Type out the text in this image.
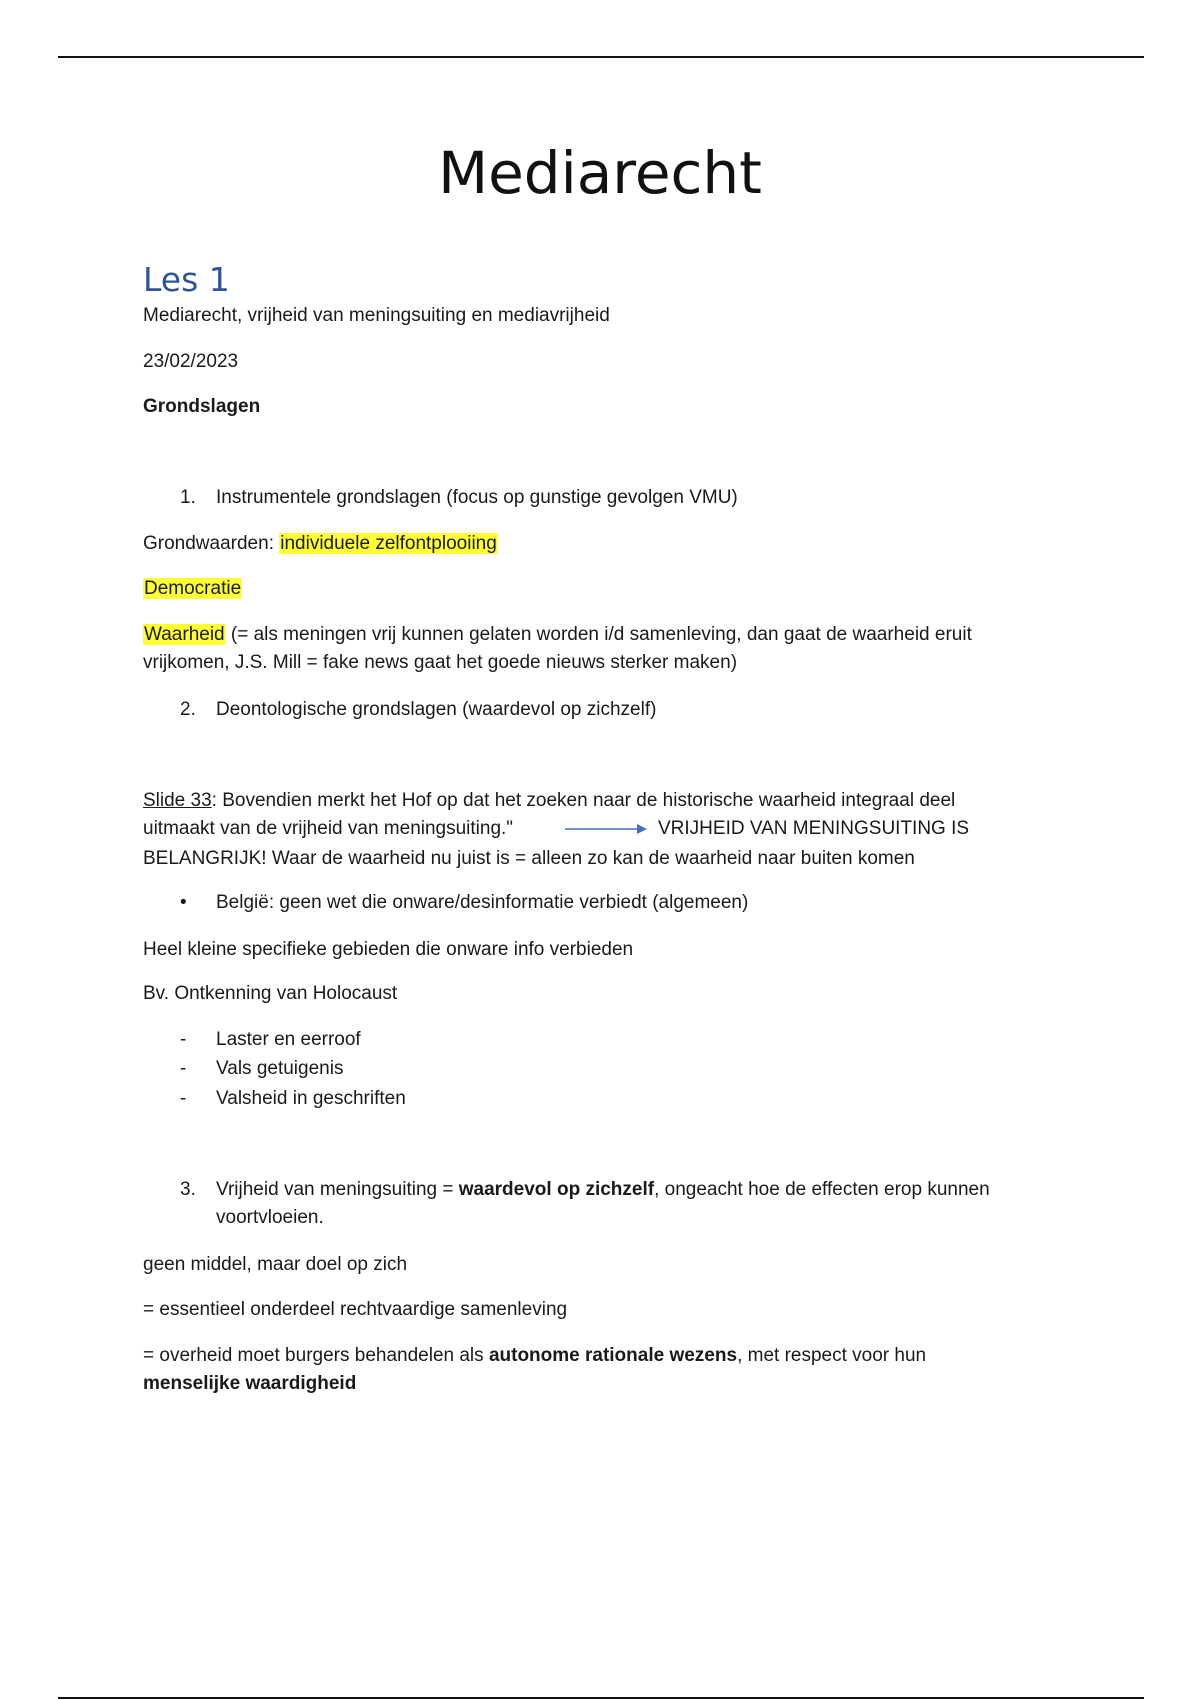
Mediarecht
Les 1

Mediarecht, vrijheid van meningsuiting en mediavrijheid

23/02/2023

Grondslagen

1. Instrumentele grondslagen (focus op gunstige gevolgen VMU)

Grondwaarden: individuele zelfontplooiing

Democratie

Waarheid (= als meningen vrij kunnen gelaten worden i/d samenleving, dan gaat de waarheid eruit

vrijkomen, J.S. Mill = fake news gaat het goede nieuws sterker maken)

2. Deontologische grondslagen (waardevol op zichzelf)

Slide 33: Bovendien merkt het Hof op dat het zoeken naar de historische waarheid integraal deel

uitmaakt van de vrijheid van meningsuiting."	VRIJHEID VAN MENINGSUITING IS

BELANGRIJK! Waar de waarheid nu juist is = alleen zo kan de waarheid naar buiten komen

• België: geen wet die onware/desinformatie verbiedt (algemeen)

Heel kleine specifieke gebieden die onware info verbieden

Bv. Ontkenning van Holocaust

- Laster en eerroof

- Vals getuigenis

- Valsheid in geschriften

3. Vrijheid van meningsuiting = waardevol op zichzelf, ongeacht hoe de effecten erop kunnen

voortvloeien.

geen middel, maar doel op zich

= essentieel onderdeel rechtvaardige samenleving

= overheid moet burgers behandelen als autonome rationale wezens, met respect voor hun

menselijke waardigheid
